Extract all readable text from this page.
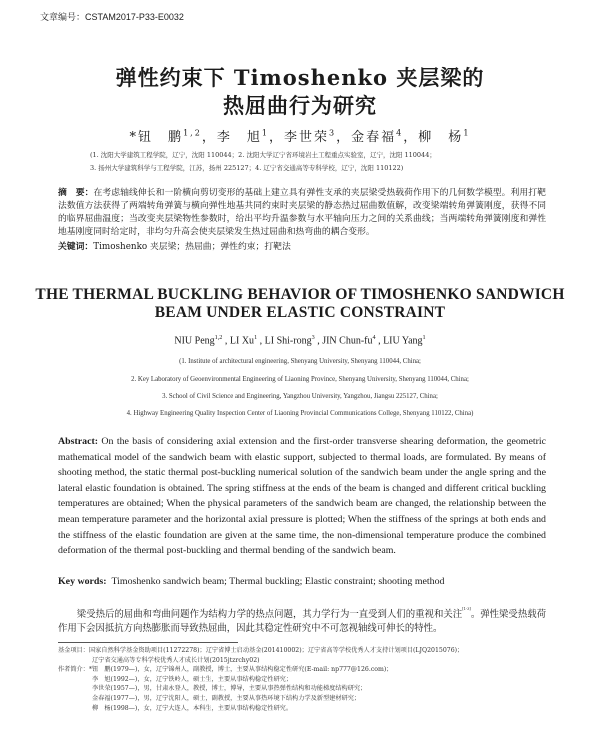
文章编号：CSTAM2017-P33-E0032
弹性约束下 Timoshenko 夹层梁的
热屈曲行为研究
*钮　鹏$^{1,2}$，李　旭$^1$，李世荣$^3$，金春福$^4$，柳　杨$^1$
(1. 沈阳大学建筑工程学院，辽宁，沈阳 110044；2. 沈阳大学辽宁省环境岩土工程重点实验室，辽宁，沈阳 110044；
3. 扬州大学建筑科学与工程学院，江苏，扬州 225127；4. 辽宁省交通高等专科学校，辽宁，沈阳 110122)
摘　要：在考虑轴线伸长和一阶横向剪切变形的基础上建立具有弹性支承的夹层梁受热载荷作用下的几何数学模型。利用打靶法数值方法获得了两端转角弹簧与横向弹性地基共同约束时夹层梁的静态热过屈曲数值解，改变梁端转角弹簧刚度，获得不同的临界屈曲温度；当改变夹层梁物性参数时，给出平均升温参数与水平轴向压力之间的关系曲线；当两端转角弹簧刚度和弹性地基刚度同时给定时，非均匀升高会使夹层梁发生热过屈曲和热弯曲的耦合变形。
关键词：Timoshenko 夹层梁；热屈曲；弹性约束；打靶法
THE THERMAL BUCKLING BEHAVIOR OF TIMOSHENKO SANDWICH
BEAM UNDER ELASTIC CONSTRAINT
NIU Peng$^{1,2}$ , LI Xu$^1$ , LI Shi-rong$^3$ , JIN Chun-$fu^4$ , LIU Yang$^1$
(1. Institute of architectural engineering, Shenyang University, Shenyang 110044, China;
2. Key Laboratory of Geoenvironmental Engineering of Liaoning Province, Shenyang University, Shenyang 110044, China;
3. School of Civil Science and Engineering, Yangzhou University, Yangzhou, Jiangsu 225127, China;
4. Highway Engineering Quality Inspection Center of Liaoning Provincial Communications College, Shenyang 110122, China)
Abstract: On the basis of considering axial extension and the first-order transverse shearing deformation, the geometric mathematical model of the sandwich beam with elastic support, subjected to thermal loads, are formulated. By means of shooting method, the static thermal post-buckling numerical solution of the sandwich beam under the angle spring and the lateral elastic foundation is obtained. The spring stiffness at the ends of the beam is changed and different critical buckling temperatures are obtained; When the physical parameters of the sandwich beam are changed, the relationship between the mean temperature parameter and the horizontal axial pressure is plotted; When the stiffness of the springs at both ends and the stiffness of the elastic foundation are given at the same time, the non-dimensional temperature produce the combined deformation of the thermal post-buckling and thermal bending of the sandwich beam.
Key words: Timoshenko sandwich beam; Thermal buckling; Elastic constraint; shooting method
梁受热后的屈曲和弯曲问题作为结构力学的热点问题，其力学行为一直受到人们的重视和关注[1-3]。弹性梁受热载荷作用下会因抵抗方向热膨胀而导致热屈曲，因此其稳定性研究中不可忽视轴线可伸长的特性。
基金项目：国家自然科学基金资助项目(11272278)；辽宁省博士启动基金(201410002)；辽宁省高等学校优秀人才支持计划项目(LJQ2015076)；
辽宁省交通高等专科学校优秀人才成长计划(2015jtzrchy02)
作者简介：*钮　鹏(1979—)，女，辽宁锦州人，副教授，博士，主要从事结构稳定性研究(E-mail: np777@126.com)；
李　旭(1992—)，女，辽宁铁岭人，硕士生，主要从事结构稳定性研究；
李世荣(1957—)，男，甘肃永登人，教授，博士，博导，主要从事热弹性结构和功能梯度结构研究；
金春福(1977—)，男，辽宁沈阳人，硕士，副教授，主要从事热环境下结构力学及新型建材研究；
柳　杨(1998—)，女，辽宁大连人，本科生，主要从事结构稳定性研究。
